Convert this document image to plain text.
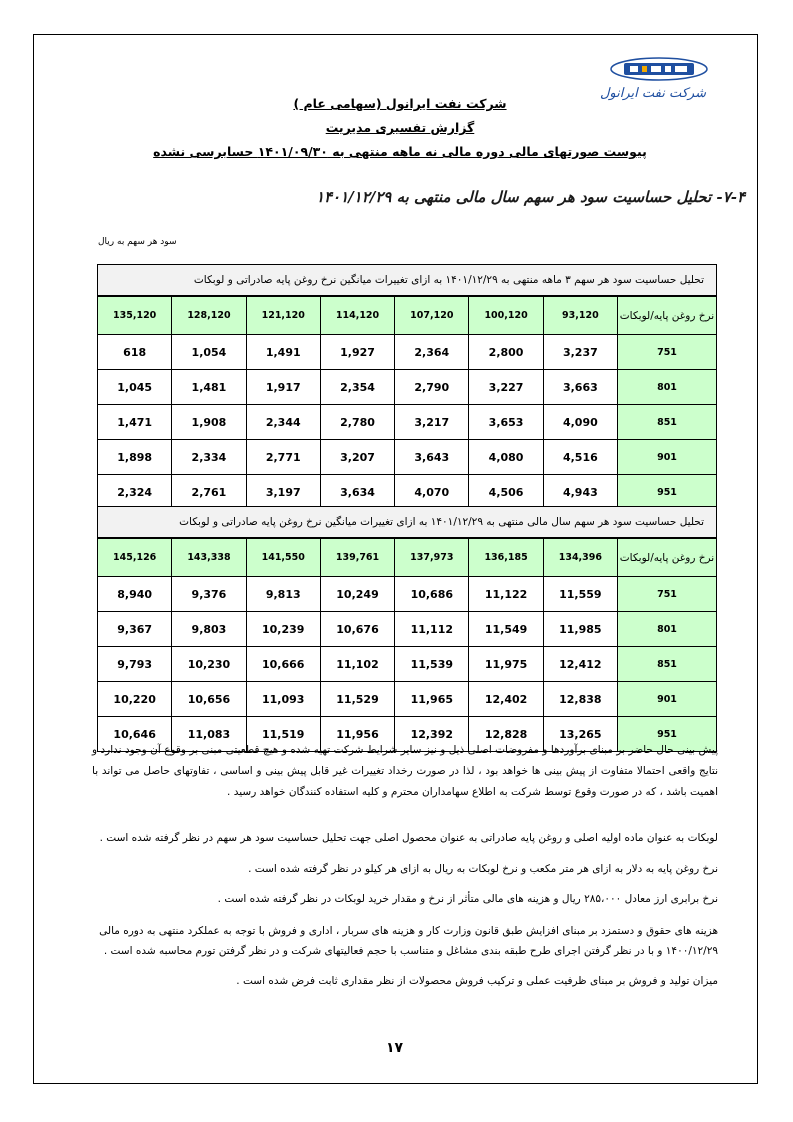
شرکت نفت ایرانول
شرکت نفت ایرانول (سهامی عام )
گزارش تفسیری مدیریت
پیوست صورتهای مالی دوره مالی نه ماهه منتهی به ۱۴۰۱/۰۹/۳۰ حسابرسی نشده
۷-۴- تحلیل حساسیت سود هر سهم سال مالی منتهی به ۱۴۰۱/۱۲/۲۹
سود هر سهم به ریال
تحلیل حساسیت سود هر سهم ۳ ماهه منتهی به ۱۴۰۱/۱۲/۲۹ به ازای تغییرات میانگین نرخ روغن پایه صادراتی و لوبکات
نرخ روغن پایه/لوبکات	93,120	100,120	107,120	114,120	121,120	128,120	135,120
751	3,237	2,800	2,364	1,927	1,491	1,054	618
801	3,663	3,227	2,790	2,354	1,917	1,481	1,045
851	4,090	3,653	3,217	2,780	2,344	1,908	1,471
901	4,516	4,080	3,643	3,207	2,771	2,334	1,898
951	4,943	4,506	4,070	3,634	3,197	2,761	2,324
تحلیل حساسیت سود هر سهم سال مالی منتهی به ۱۴۰۱/۱۲/۲۹ به ازای تغییرات میانگین نرخ روغن پایه صادراتی و لوبکات
نرخ روغن پایه/لوبکات	134,396	136,185	137,973	139,761	141,550	143,338	145,126
751	11,559	11,122	10,686	10,249	9,813	9,376	8,940
801	11,985	11,549	11,112	10,676	10,239	9,803	9,367
851	12,412	11,975	11,539	11,102	10,666	10,230	9,793
901	12,838	12,402	11,965	11,529	11,093	10,656	10,220
951	13,265	12,828	12,392	11,956	11,519	11,083	10,646
پیش بینی حال حاضر بر مبنای برآوردها و مفروضات اصلی ذیل و نیز سایر شرایط شرکت تهیه شده و هیچ قطعیتی مبنی بر وقوع آن وجود ندارد و نتایج واقعی احتمالا متفاوت از پیش بینی ها خواهد بود ، لذا در صورت رخداد تغییرات غیر قابل پیش بینی و اساسی ، تفاوتهای حاصل می تواند با اهمیت باشد ، که در صورت وقوع توسط شرکت به اطلاع سهامداران محترم و کلیه استفاده کنندگان خواهد رسید .
لوبکات به عنوان ماده اولیه اصلی و روغن پایه صادراتی به عنوان محصول اصلی جهت تحلیل حساسیت سود هر سهم در نظر گرفته شده است .
نرخ روغن پایه به دلار به ازای هر متر مکعب و نرخ لوبکات به ریال به ازای هر کیلو در نظر گرفته شده است .
نرخ برابری ارز معادل ۲۸۵،۰۰۰ ریال و هزینه های مالی متأثر از نرخ و مقدار خرید لوبکات در نظر گرفته شده است .
هزینه های حقوق و دستمزد بر مبنای افزایش طبق قانون وزارت کار و هزینه های سربار ، اداری و فروش با توجه به عملکرد منتهی به دوره مالی ۱۴۰۰/۱۲/۲۹ و با در نظر گرفتن اجرای طرح طبقه بندی مشاغل و متناسب با حجم فعالیتهای شرکت و در نظر گرفتن تورم محاسبه شده است .
میزان تولید و فروش بر مبنای ظرفیت عملی و ترکیب فروش محصولات از نظر مقداری ثابت فرض شده است .
۱۷
